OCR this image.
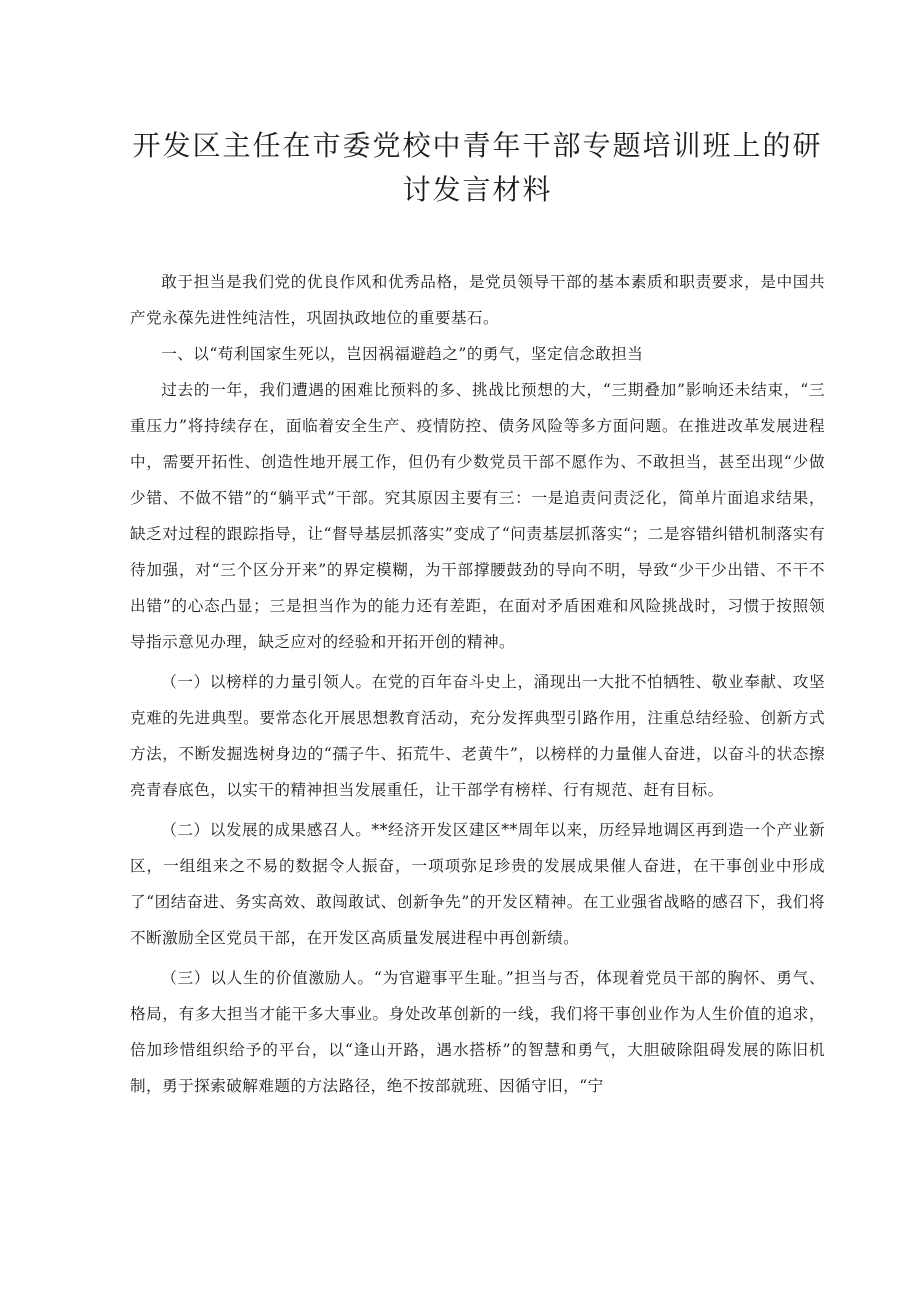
开发区主任在市委党校中青年干部专题培训班上的研讨发言材料

敢于担当是我们党的优良作风和优秀品格，是党员领导干部的基本素质和职责要求，是中国共产党永葆先进性纯洁性，巩固执政地位的重要基石。

一、以“苟利国家生死以，岂因祸福避趋之”的勇气，坚定信念敢担当

过去的一年，我们遭遇的困难比预料的多、挑战比预想的大，“三期叠加”影响还未结束，“三重压力”将持续存在，面临着安全生产、疫情防控、债务风险等多方面问题。在推进改革发展进程中，需要开拓性、创造性地开展工作，但仍有少数党员干部不愿作为、不敢担当，甚至出现“少做少错、不做不错”的“躺平式”干部。究其原因主要有三：一是追责问责泛化，简单片面追求结果，缺乏对过程的跟踪指导，让“督导基层抓落实”变成了“问责基层抓落实“；二是容错纠错机制落实有待加强，对“三个区分开来”的界定模糊，为干部撑腰鼓劲的导向不明，导致“少干少出错、不干不出错”的心态凸显；三是担当作为的能力还有差距，在面对矛盾困难和风险挑战时，习惯于按照领导指示意见办理，缺乏应对的经验和开拓开创的精神。

（一）以榜样的力量引领人。在党的百年奋斗史上，涌现出一大批不怕牺牲、敬业奉献、攻坚克难的先进典型。要常态化开展思想教育活动，充分发挥典型引路作用，注重总结经验、创新方式方法，不断发掘选树身边的“孺子牛、拓荒牛、老黄牛”，以榜样的力量催人奋进，以奋斗的状态擦亮青春底色，以实干的精神担当发展重任，让干部学有榜样、行有规范、赶有目标。

（二）以发展的成果感召人。**经济开发区建区**周年以来，历经异地调区再到造一个产业新区，一组组来之不易的数据令人振奋，一项项弥足珍贵的发展成果催人奋进，在干事创业中形成了“团结奋进、务实高效、敢闯敢试、创新争先”的开发区精神。在工业强省战略的感召下，我们将不断激励全区党员干部，在开发区高质量发展进程中再创新绩。

（三）以人生的价值激励人。“为官避事平生耻。”担当与否，体现着党员干部的胸怀、勇气、格局，有多大担当才能干多大事业。身处改革创新的一线，我们将干事创业作为人生价值的追求，倍加珍惜组织给予的平台，以“逢山开路，遇水搭桥”的智慧和勇气，大胆破除阻碍发展的陈旧机制，勇于探索破解难题的方法路径，绝不按部就班、因循守旧，“宁
